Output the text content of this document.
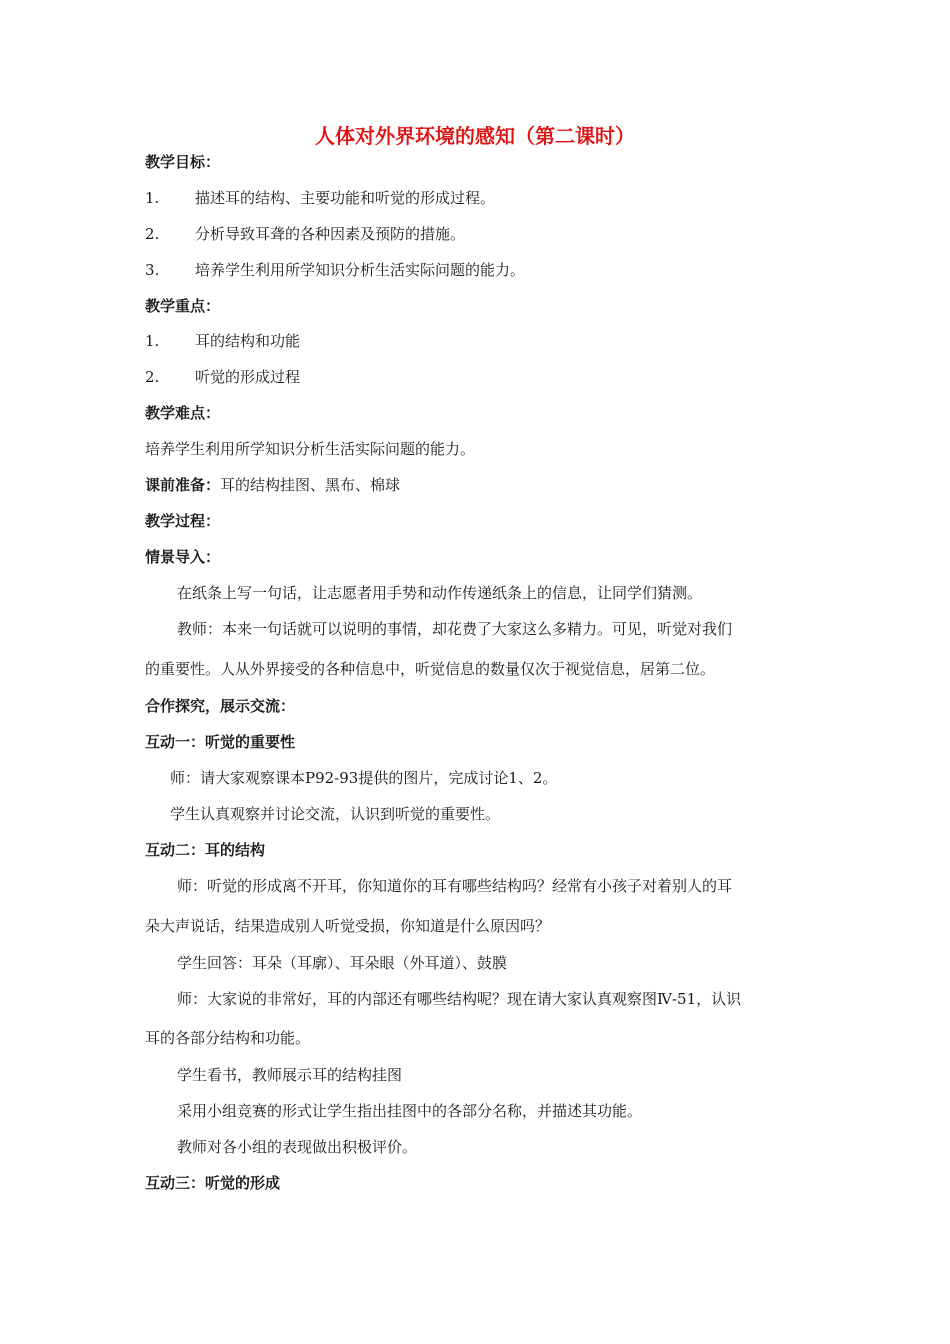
人体对外界环境的感知（第二课时）
教学目标：
1. 描述耳的结构、主要功能和听觉的形成过程。
2. 分析导致耳聋的各种因素及预防的措施。
3. 培养学生利用所学知识分析生活实际问题的能力。
教学重点：
1. 耳的结构和功能
2. 听觉的形成过程
教学难点：
培养学生利用所学知识分析生活实际问题的能力。
课前准备：耳的结构挂图、黑布、棉球
教学过程：
情景导入：
在纸条上写一句话，让志愿者用手势和动作传递纸条上的信息，让同学们猜测。
教师：本来一句话就可以说明的事情，却花费了大家这么多精力。可见，听觉对我们
的重要性。人从外界接受的各种信息中，听觉信息的数量仅次于视觉信息，居第二位。
合作探究，展示交流：
互动一：听觉的重要性
师：请大家观察课本P92-93提供的图片，完成讨论1、2。
学生认真观察并讨论交流，认识到听觉的重要性。
互动二：耳的结构
师：听觉的形成离不开耳，你知道你的耳有哪些结构吗？经常有小孩子对着别人的耳
朵大声说话，结果造成别人听觉受损，你知道是什么原因吗？
学生回答：耳朵（耳廓）、耳朵眼（外耳道）、鼓膜
师：大家说的非常好，耳的内部还有哪些结构呢？现在请大家认真观察图Ⅳ-51，认识
耳的各部分结构和功能。
学生看书，教师展示耳的结构挂图
采用小组竞赛的形式让学生指出挂图中的各部分名称，并描述其功能。
教师对各小组的表现做出积极评价。
互动三：听觉的形成
